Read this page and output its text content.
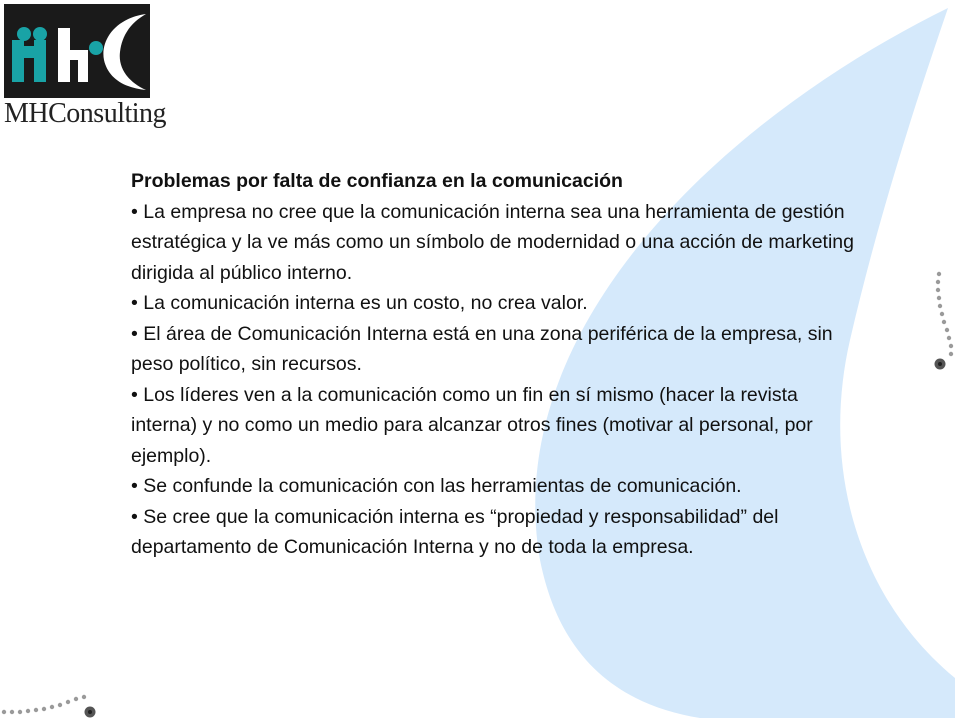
MHConsulting
Problemas por falta de confianza en la comunicación
• La empresa no cree que la comunicación interna sea una herramienta de gestión estratégica y la ve más como un símbolo de modernidad o una acción de marketing dirigida al público interno.
• La comunicación interna es un costo, no crea valor.
• El área de Comunicación Interna está en una zona periférica de la empresa, sin peso político, sin recursos.
• Los líderes ven a la comunicación como un fin en sí mismo (hacer la revista interna) y no como un medio para alcanzar otros fines (motivar al personal, por ejemplo).
• Se confunde la comunicación con las herramientas de comunicación.
• Se cree que la comunicación interna es “propiedad y responsabilidad” del departamento de Comunicación Interna y no de toda la empresa.
